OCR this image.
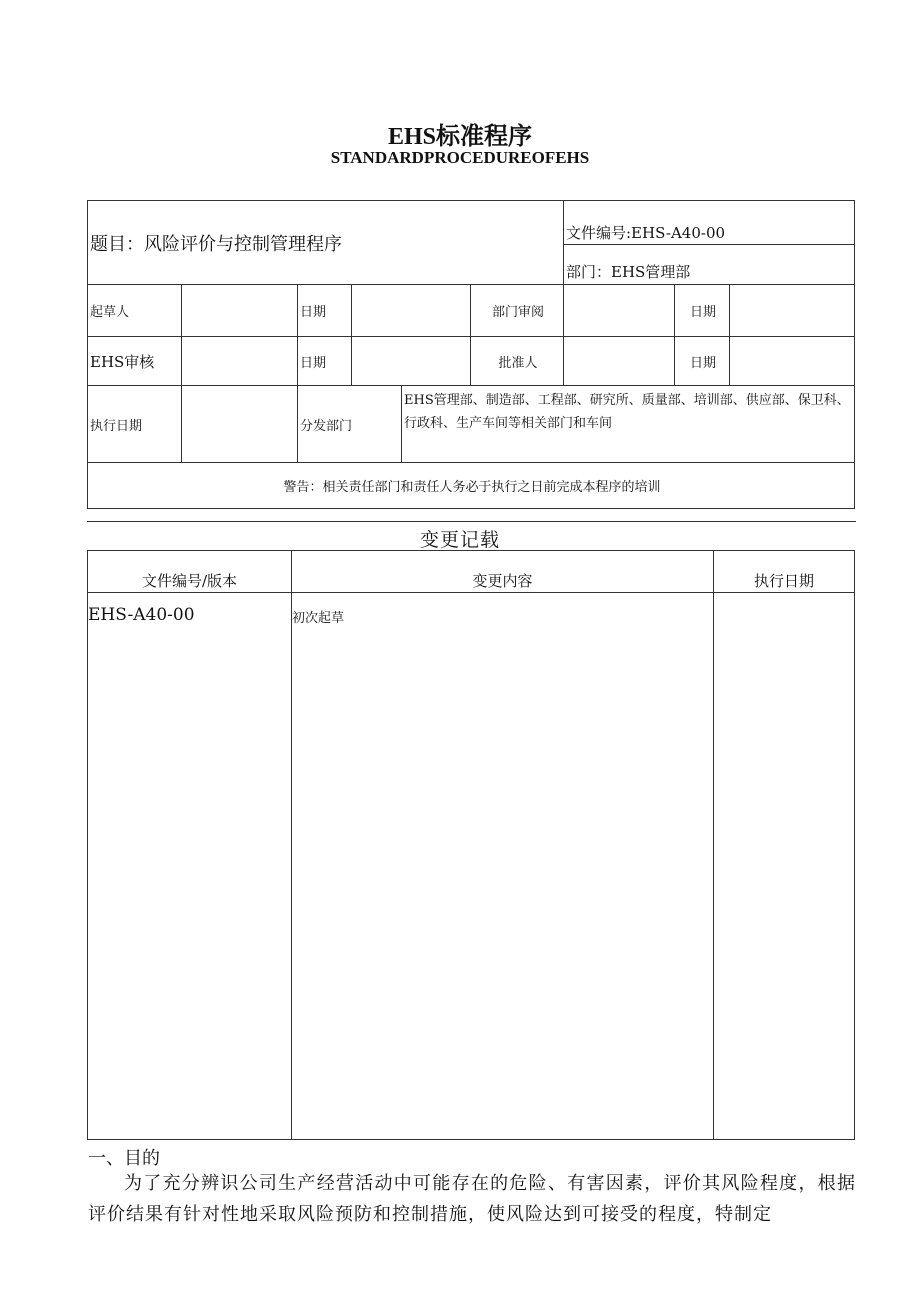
EHS标准程序
STANDARDPROCEDUREOFEHS
题目：风险评价与控制管理程序						文件编号:EHS-A40-00		
						部门：EHS管理部		
起草人		日期			部门审阅		日期	
EHS审核		日期			批准人		日期	
执行日期		分发部门		EHS管理部、制造部、工程部、研究所、质量部、培训部、供应部、保卫科、行政科、生产车间等相关部门和车间				
警告：相关责任部门和责任人务必于执行之日前完成本程序的培训								
变更记载
文件编号/版本	变更内容	执行日期
EHS-A40-00	初次起草	
一、目的
为了充分辨识公司生产经营活动中可能存在的危险、有害因素，评价其风险程度，根据评价结果有针对性地采取风险预防和控制措施，使风险达到可接受的程度，特制定
